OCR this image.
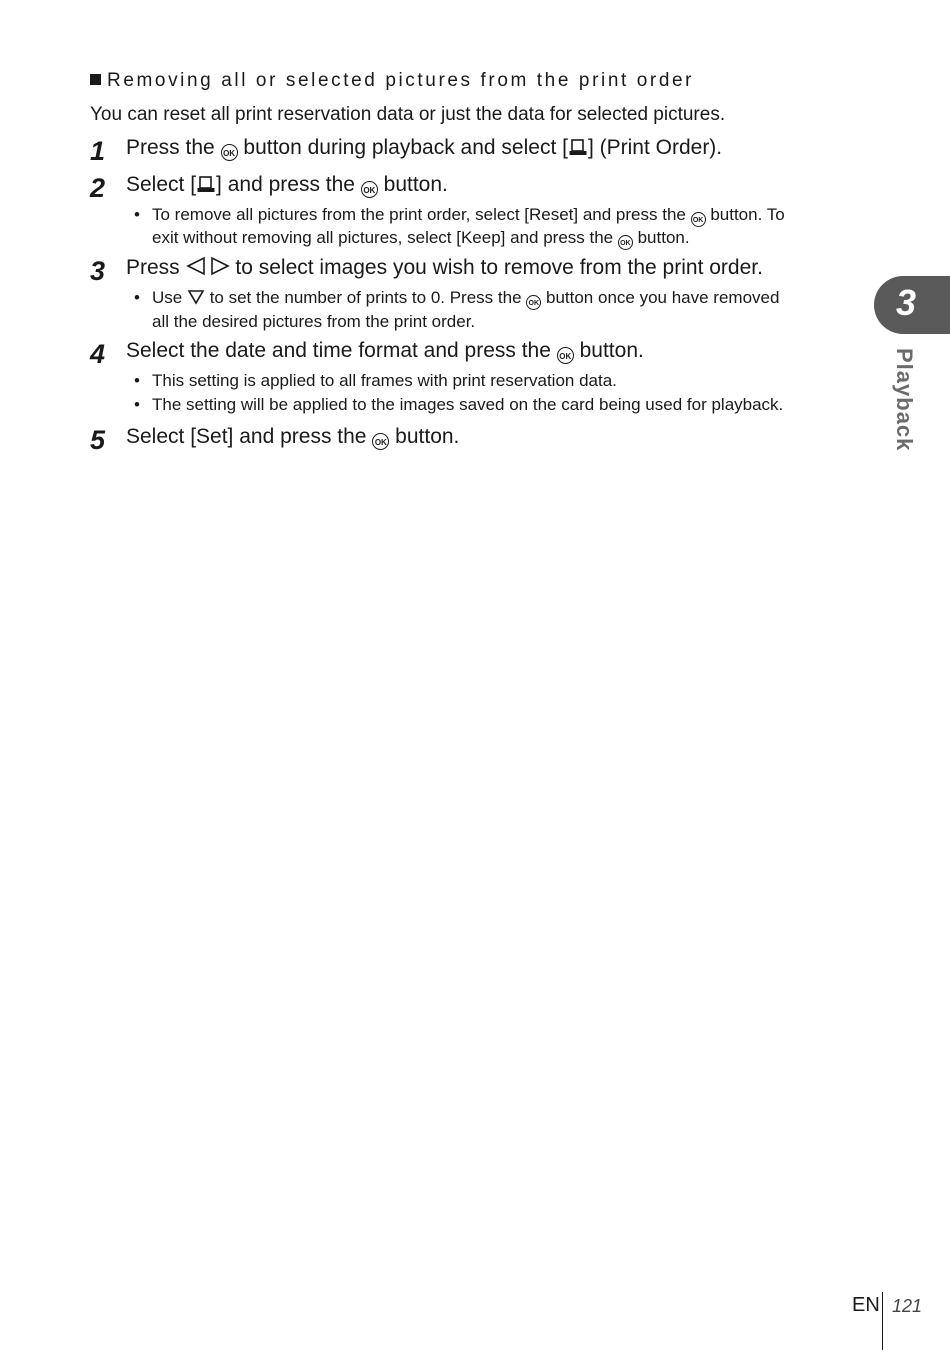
Removing all or selected pictures from the print order
You can reset all print reservation data or just the data for selected pictures.
1 Press the OK button during playback and select [ ] (Print Order).
2 Select [ ] and press the OK button.
• To remove all pictures from the print order, select [Reset] and press the OK button. To
exit without removing all pictures, select [Keep] and press the OK button.
3 Press	to select images you wish to remove from the print order.
• Use to set the number of prints to 0. Press the OK button once you have removed
all the desired pictures from the print order.
4 Select the date and time format and press the OK button.
• This setting is applied to all frames with print reservation data.
• The setting will be applied to the images saved on the card being used for playback.
5 Select [Set] and press the OK button.
3
Playback
EN 121
